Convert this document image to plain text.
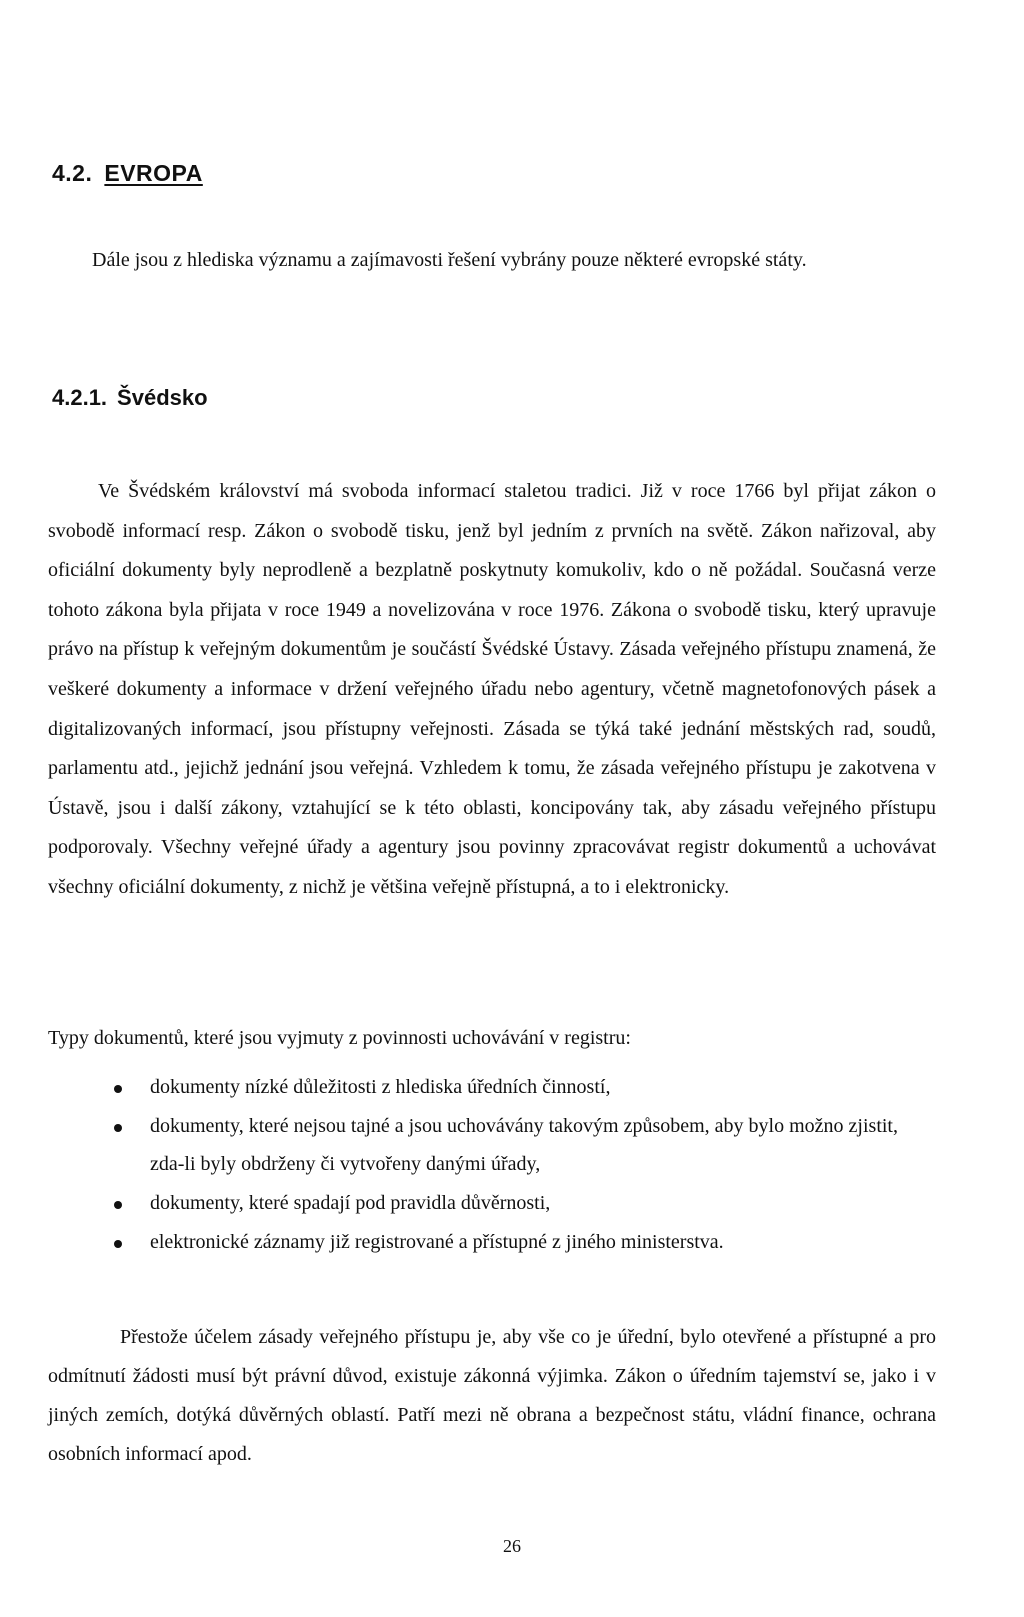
4.2. EVROPA

Dále jsou z hlediska významu a zajímavosti řešení vybrány pouze některé evropské státy.

4.2.1. Švédsko

Ve Švédském království má svoboda informací staletou tradici. Již v roce 1766 byl přijat zákon o svobodě informací resp. Zákon o svobodě tisku, jenž byl jedním z prvních na světě. Zákon nařizoval, aby oficiální dokumenty byly neprodleně a bezplatně poskytnuty komukoliv, kdo o ně požádal. Současná verze tohoto zákona byla přijata v roce 1949 a novelizována v roce 1976. Zákona o svobodě tisku, který upravuje právo na přístup k veřejným dokumentům je součástí Švédské Ústavy. Zásada veřejného přístupu znamená, že veškeré dokumenty a informace v držení veřejného úřadu nebo agentury, včetně magnetofonových pásek a digitalizovaných informací, jsou přístupny veřejnosti. Zásada se týká také jednání městských rad, soudů, parlamentu atd., jejichž jednání jsou veřejná. Vzhledem k tomu, že zásada veřejného přístupu je zakotvena v Ústavě, jsou i další zákony, vztahující se k této oblasti, koncipovány tak, aby zásadu veřejného přístupu podporovaly. Všechny veřejné úřady a agentury jsou povinny zpracovávat registr dokumentů a uchovávat všechny oficiální dokumenty, z nichž je většina veřejně přístupná, a to i elektronicky.

Typy dokumentů, které jsou vyjmuty z povinnosti uchovávání v registru:

dokumenty nízké důležitosti z hlediska úředních činností,
dokumenty, které nejsou tajné a jsou uchovávány takovým způsobem, aby bylo možno zjistit, zda-li byly obdrženy či vytvořeny danými úřady,
dokumenty, které spadají pod pravidla důvěrnosti,
elektronické záznamy již registrované a přístupné z jiného ministerstva.

Přestože účelem zásady veřejného přístupu je, aby vše co je úřední, bylo otevřené a přístupné a pro odmítnutí žádosti musí být právní důvod, existuje zákonná výjimka. Zákon o úředním tajemství se, jako i v jiných zemích, dotýká důvěrných oblastí. Patří mezi ně obrana a bezpečnost státu, vládní finance, ochrana osobních informací apod.

26
